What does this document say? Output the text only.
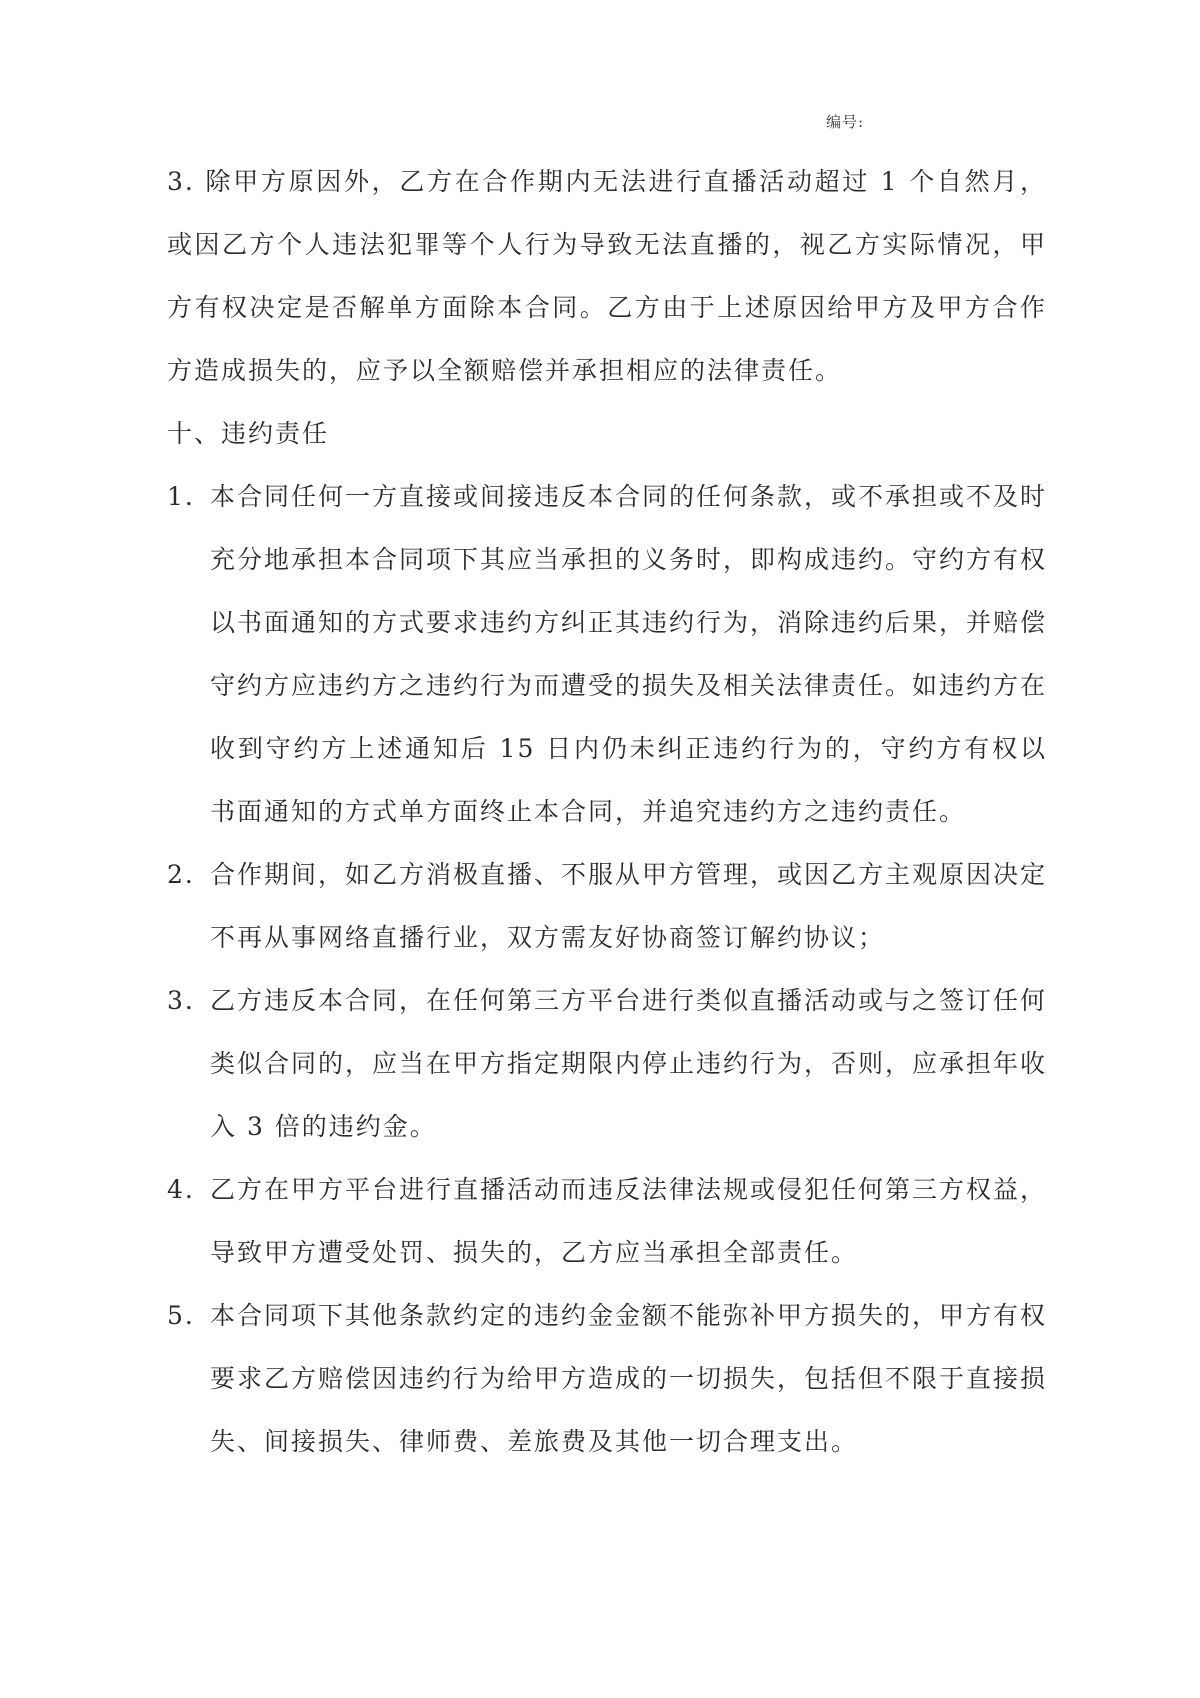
编号:

3. 除甲方原因外，乙方在合作期内无法进行直播活动超过 1 个自然月，或因乙方个人违法犯罪等个人行为导致无法直播的，视乙方实际情况，甲方有权决定是否解单方面除本合同。乙方由于上述原因给甲方及甲方合作方造成损失的，应予以全额赔偿并承担相应的法律责任。

十、违约责任

1. 本合同任何一方直接或间接违反本合同的任何条款，或不承担或不及时充分地承担本合同项下其应当承担的义务时，即构成违约。守约方有权以书面通知的方式要求违约方纠正其违约行为，消除违约后果，并赔偿守约方应违约方之违约行为而遭受的损失及相关法律责任。如违约方在收到守约方上述通知后 15 日内仍未纠正违约行为的，守约方有权以书面通知的方式单方面终止本合同，并追究违约方之违约责任。
2. 合作期间，如乙方消极直播、不服从甲方管理，或因乙方主观原因决定不再从事网络直播行业，双方需友好协商签订解约协议；
3. 乙方违反本合同，在任何第三方平台进行类似直播活动或与之签订任何类似合同的，应当在甲方指定期限内停止违约行为，否则，应承担年收入 3 倍的违约金。
4. 乙方在甲方平台进行直播活动而违反法律法规或侵犯任何第三方权益，导致甲方遭受处罚、损失的，乙方应当承担全部责任。
5. 本合同项下其他条款约定的违约金金额不能弥补甲方损失的，甲方有权要求乙方赔偿因违约行为给甲方造成的一切损失，包括但不限于直接损失、间接损失、律师费、差旅费及其他一切合理支出。
